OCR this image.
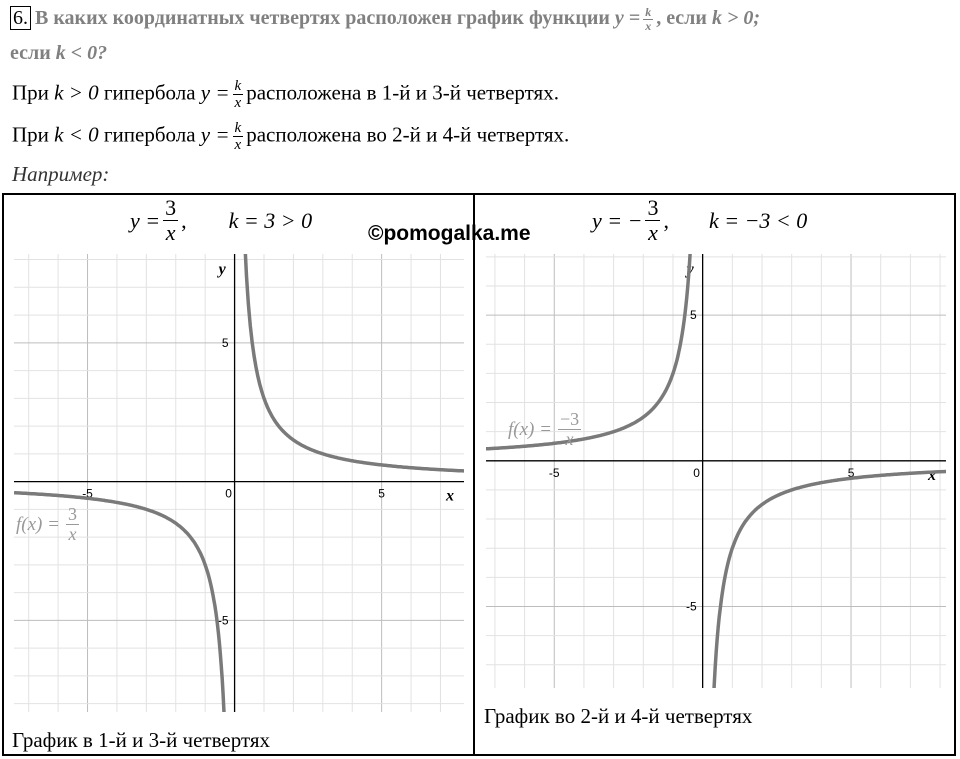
6. В каких координатных четвертях расположен график функции $y = \frac{k}{x}$ , если k > 0;
если k < 0?
При k > 0 гипербола $y = \frac{k}{x}$ расположена в 1-й и 3-й четвертях.
При k < 0 гипербола $y = \frac{k}{x}$ расположена во 2-й и 4-й четвертях.
Например:
$y = \frac{3}{x}$ , k = 3 > 0
©pomogalka.me
y = − $\frac{3}{x}$ , k = −3 < 0
-5	0	5
5
-5
x
y
-5	0	5
5
-5
x
y
$f(x) = \frac{3}{x}$
$f(x) = \frac{-3}{x}$
График в 1-й и 3-й четвертях
График во 2-й и 4-й четвертях
